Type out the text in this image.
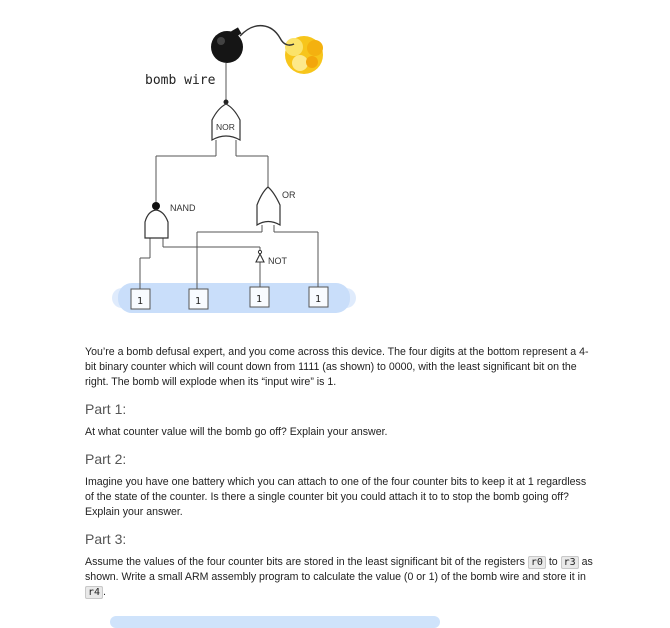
bomb wire
NOR
OR
NAND
NOT
1	1	1	1

You’re a bomb defusal expert, and you come across this device. The four digits at the bottom represent a 4-bit binary counter which will count down from 1111 (as shown) to 0000, with the least significant bit on the right. The bomb will explode when its “input wire” is 1.

Part 1:

At what counter value will the bomb go off? Explain your answer.

Part 2:

Imagine you have one battery which you can attach to one of the four counter bits to keep it at 1 regardless of the state of the counter. Is there a single counter bit you could attach it to to stop the bomb going off? Explain your answer.

Part 3:

Assume the values of the four counter bits are stored in the least significant bit of the registers r0 to r3 as shown. Write a small ARM assembly program to calculate the value (0 or 1) of the bomb wire and store it in r4 .
